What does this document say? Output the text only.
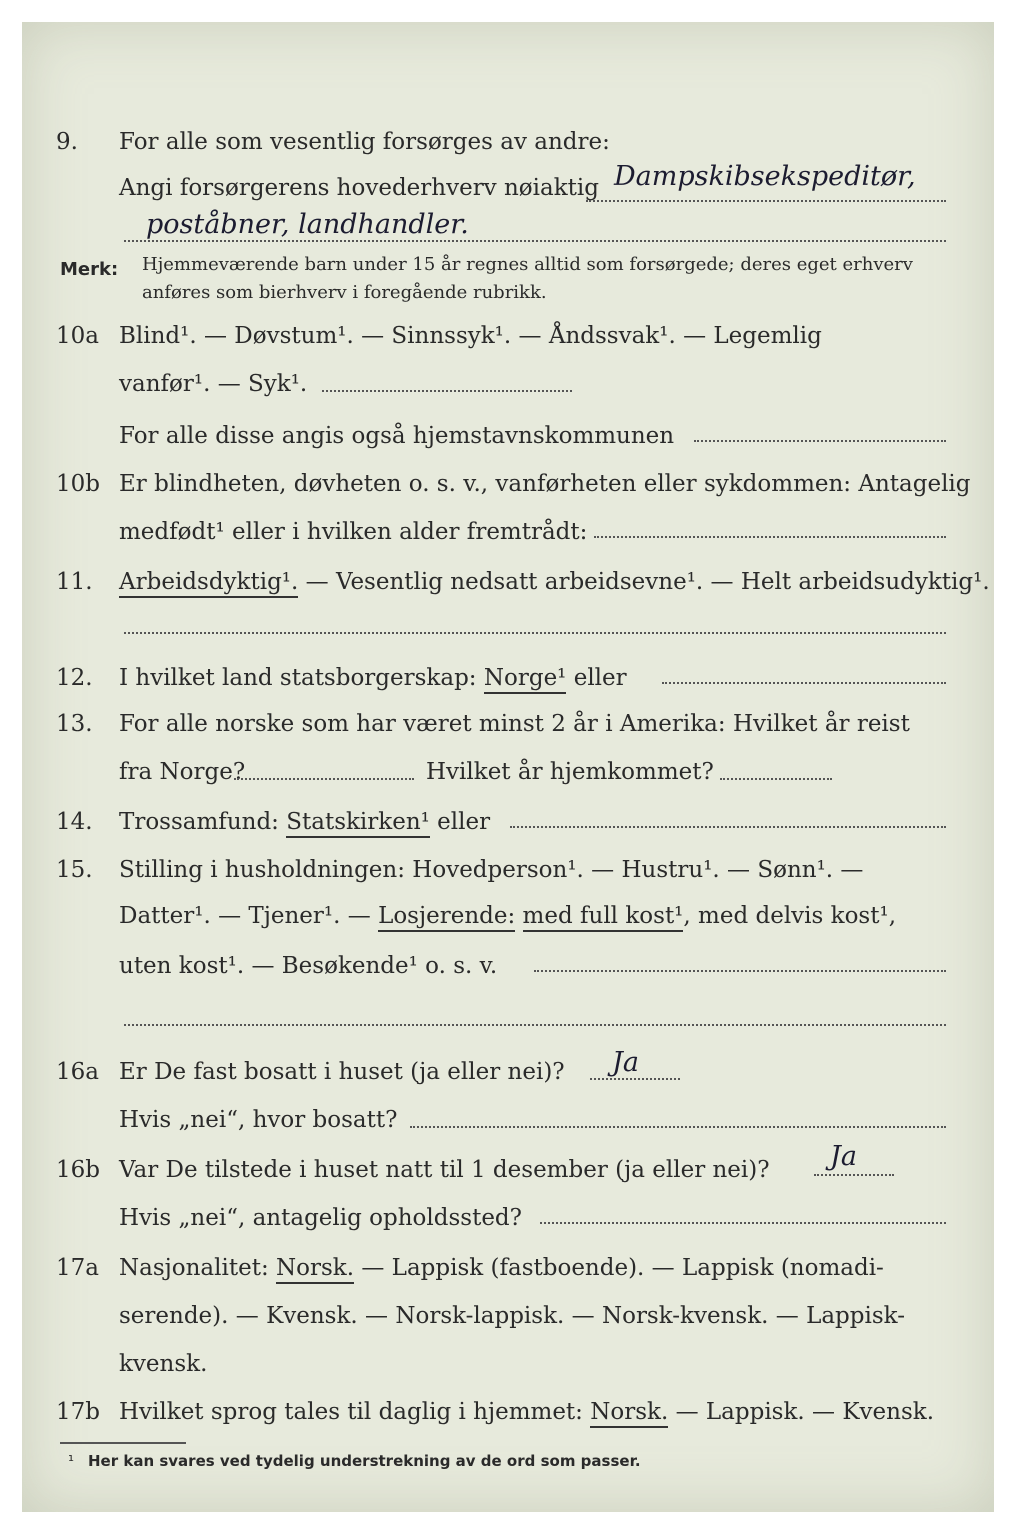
9. For alle som vesentlig forsørges av andre:
Angi forsørgerens hovederhverv nøiaktig Dampskibsekspeditør,
poståbner, landhandler.
Merk: Hjemmeværende barn under 15 år regnes alltid som forsørgede; deres eget erhverv
anføres som bierhverv i foregående rubrikk.
10a Blind¹. — Døvstum¹. — Sinnssyk¹. — Åndssvak¹. — Legemlig
vanfør¹. — Syk¹.
For alle disse angis også hjemstavnskommunen
10b Er blindheten, døvheten o. s. v., vanførheten eller sykdommen: Antagelig
medfødt¹ eller i hvilken alder fremtrådt:
11. Arbeidsdyktig¹. — Vesentlig nedsatt arbeidsevne¹. — Helt arbeidsudyktig¹.
12. I hvilket land statsborgerskap: Norge¹ eller
13. For alle norske som har været minst 2 år i Amerika: Hvilket år reist
fra Norge?	Hvilket år hjemkommet?
14. Trossamfund: Statskirken¹ eller
15. Stilling i husholdningen: Hovedperson¹. — Hustru¹. — Sønn¹. —
Datter¹. — Tjener¹. — Losjerende: med full kost¹, med delvis kost¹,
uten kost¹. — Besøkende¹ o. s. v.
16a Er De fast bosatt i huset (ja eller nei)? Ja
Hvis „nei“, hvor bosatt?
16b Var De tilstede i huset natt til 1 desember (ja eller nei)? Ja
Hvis „nei“, antagelig opholdssted?
17a Nasjonalitet: Norsk. — Lappisk (fastboende). — Lappisk (nomadi-
serende). — Kvensk. — Norsk-lappisk. — Norsk-kvensk. — Lappisk-
kvensk.
17b Hvilket sprog tales til daglig i hjemmet: Norsk. — Lappisk. — Kvensk.
¹ Her kan svares ved tydelig understrekning av de ord som passer.
